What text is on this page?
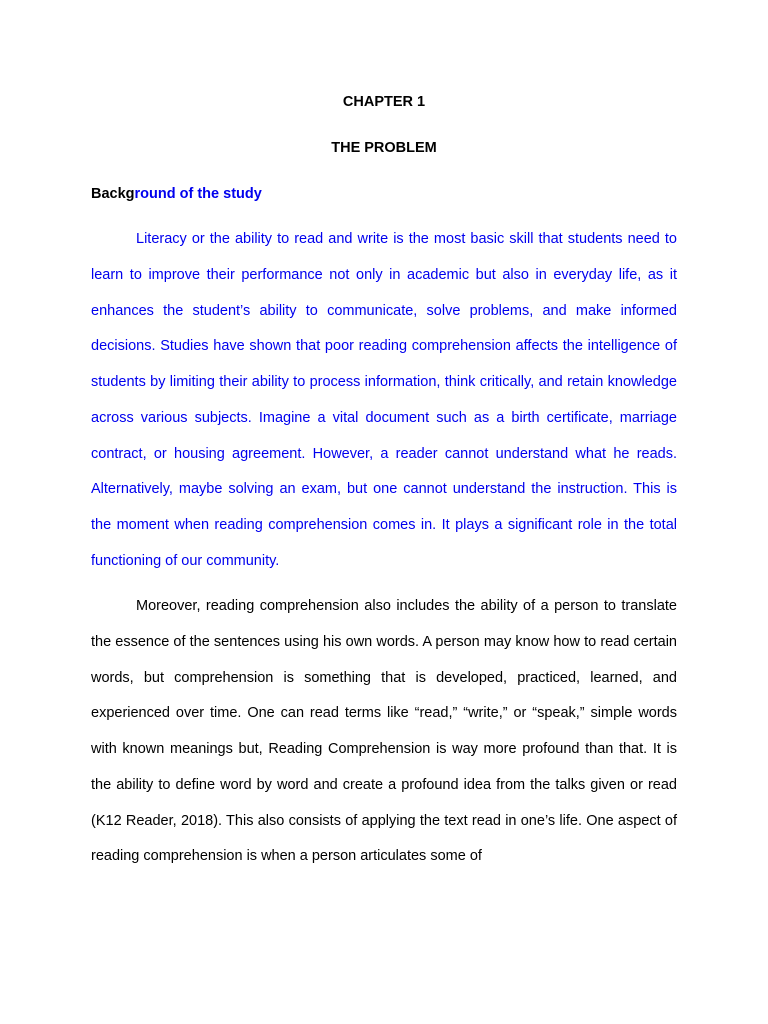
CHAPTER 1
THE PROBLEM
Background of the study

Literacy or the ability to read and write is the most basic skill that students need to learn to improve their performance not only in academic but also in everyday life, as it enhances the student’s ability to communicate, solve problems, and make informed decisions. Studies have shown that poor reading comprehension affects the intelligence of students by limiting their ability to process information, think critically, and retain knowledge across various subjects. Imagine a vital document such as a birth certificate, marriage contract, or housing agreement. However, a reader cannot understand what he reads. Alternatively, maybe solving an exam, but one cannot understand the instruction. This is the moment when reading comprehension comes in. It plays a significant role in the total functioning of our community.

Moreover, reading comprehension also includes the ability of a person to translate the essence of the sentences using his own words. A person may know how to read certain words, but comprehension is something that is developed, practiced, learned, and experienced over time. One can read terms like “read,” “write,” or “speak,” simple words with known meanings but, Reading Comprehension is way more profound than that. It is the ability to define word by word and create a profound idea from the talks given or read (K12 Reader, 2018). This also consists of applying the text read in one’s life. One aspect of reading comprehension is when a person articulates some of
